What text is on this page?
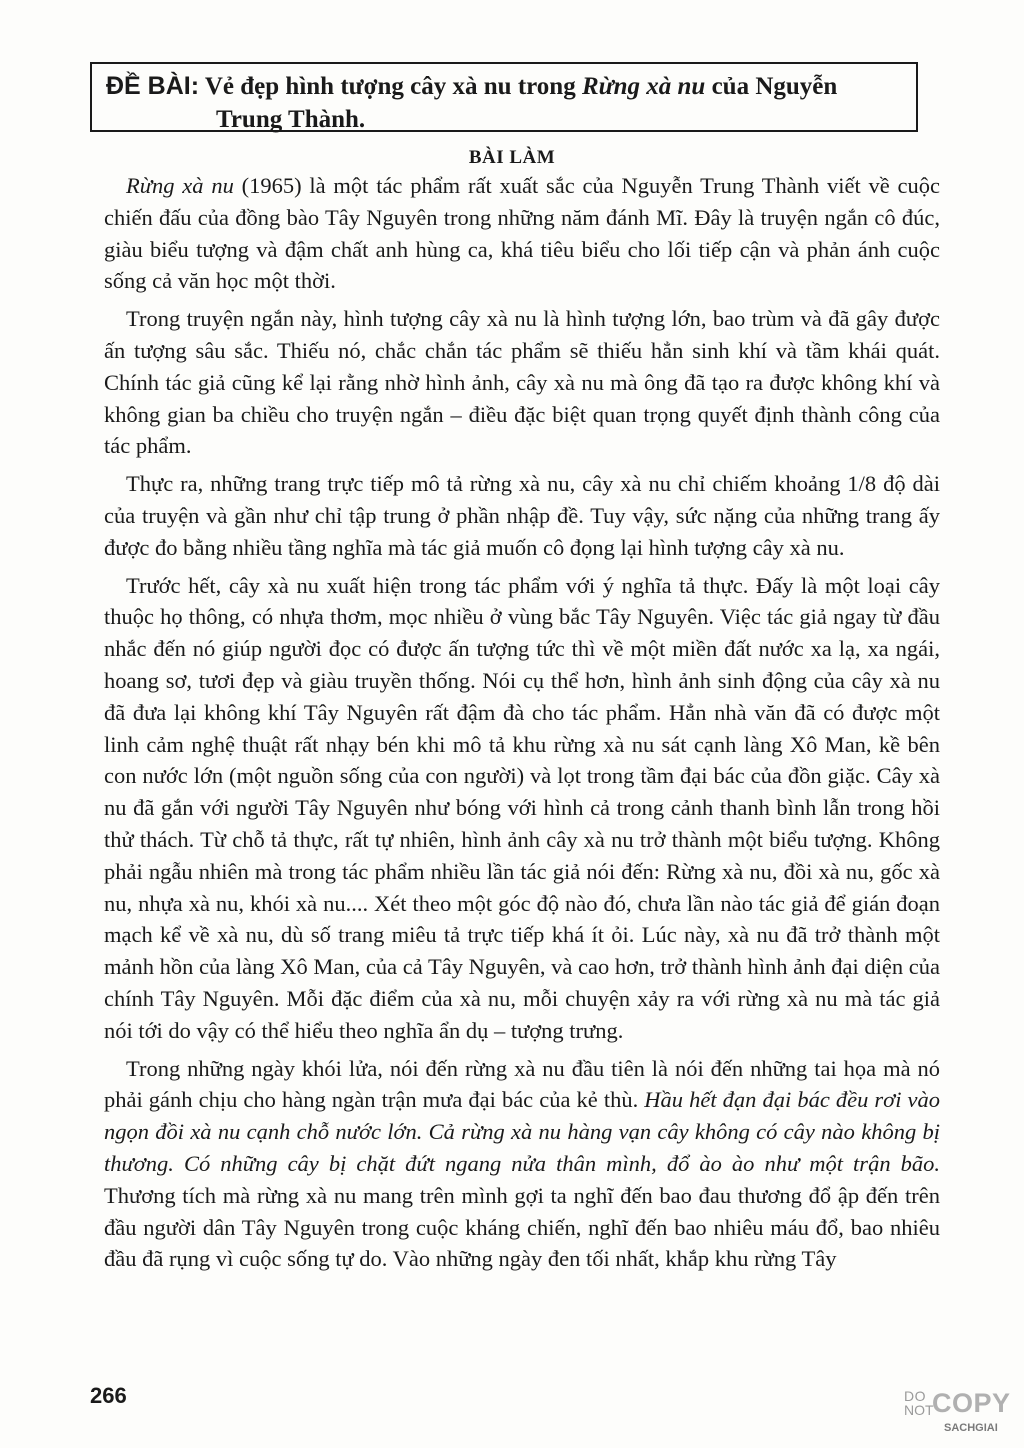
ĐỀ BÀI: Vẻ đẹp hình tượng cây xà nu trong Rừng xà nu của Nguyễn
Trung Thành.
BÀI LÀM

Rừng xà nu (1965) là một tác phẩm rất xuất sắc của Nguyễn Trung Thành viết về cuộc chiến đấu của đồng bào Tây Nguyên trong những năm đánh Mĩ. Đây là truyện ngắn cô đúc, giàu biểu tượng và đậm chất anh hùng ca, khá tiêu biểu cho lối tiếp cận và phản ánh cuộc sống cả văn học một thời.

Trong truyện ngắn này, hình tượng cây xà nu là hình tượng lớn, bao trùm và đã gây được ấn tượng sâu sắc. Thiếu nó, chắc chắn tác phẩm sẽ thiếu hẳn sinh khí và tầm khái quát. Chính tác giả cũng kể lại rằng nhờ hình ảnh, cây xà nu mà ông đã tạo ra được không khí và không gian ba chiều cho truyện ngắn – điều đặc biệt quan trọng quyết định thành công của tác phẩm.

Thực ra, những trang trực tiếp mô tả rừng xà nu, cây xà nu chỉ chiếm khoảng 1/8 độ dài của truyện và gần như chỉ tập trung ở phần nhập đề. Tuy vậy, sức nặng của những trang ấy được đo bằng nhiều tầng nghĩa mà tác giả muốn cô đọng lại hình tượng cây xà nu.

Trước hết, cây xà nu xuất hiện trong tác phẩm với ý nghĩa tả thực. Đấy là một loại cây thuộc họ thông, có nhựa thơm, mọc nhiều ở vùng bắc Tây Nguyên. Việc tác giả ngay từ đầu nhắc đến nó giúp người đọc có được ấn tượng tức thì về một miền đất nước xa lạ, xa ngái, hoang sơ, tươi đẹp và giàu truyền thống. Nói cụ thể hơn, hình ảnh sinh động của cây xà nu đã đưa lại không khí Tây Nguyên rất đậm đà cho tác phẩm. Hẳn nhà văn đã có được một linh cảm nghệ thuật rất nhạy bén khi mô tả khu rừng xà nu sát cạnh làng Xô Man, kề bên con nước lớn (một nguồn sống của con người) và lọt trong tầm đại bác của đồn giặc. Cây xà nu đã gắn với người Tây Nguyên như bóng với hình cả trong cảnh thanh bình lẫn trong hồi thử thách. Từ chỗ tả thực, rất tự nhiên, hình ảnh cây xà nu trở thành một biểu tượng. Không phải ngẫu nhiên mà trong tác phẩm nhiều lần tác giả nói đến: Rừng xà nu, đồi xà nu, gốc xà nu, nhựa xà nu, khói xà nu.... Xét theo một góc độ nào đó, chưa lần nào tác giả để gián đoạn mạch kể về xà nu, dù số trang miêu tả trực tiếp khá ít ỏi. Lúc này, xà nu đã trở thành một mảnh hồn của làng Xô Man, của cả Tây Nguyên, và cao hơn, trở thành hình ảnh đại diện của chính Tây Nguyên. Mỗi đặc điểm của xà nu, mỗi chuyện xảy ra với rừng xà nu mà tác giả nói tới do vậy có thể hiểu theo nghĩa ẩn dụ – tượng trưng.

Trong những ngày khói lửa, nói đến rừng xà nu đầu tiên là nói đến những tai họa mà nó phải gánh chịu cho hàng ngàn trận mưa đại bác của kẻ thù. Hầu hết đạn đại bác đều rơi vào ngọn đồi xà nu cạnh chỗ nước lớn. Cả rừng xà nu hàng vạn cây không có cây nào không bị thương. Có những cây bị chặt đứt ngang nửa thân mình, đổ ào ào như một trận bão. Thương tích mà rừng xà nu mang trên mình gợi ta nghĩ đến bao đau thương đổ ập đến trên đầu người dân Tây Nguyên trong cuộc kháng chiến, nghĩ đến bao nhiêu máu đổ, bao nhiêu đầu đã rụng vì cuộc sống tự do. Vào những ngày đen tối nhất, khắp khu rừng Tây

266	DO
NOT
COPY
SACHGIAI
